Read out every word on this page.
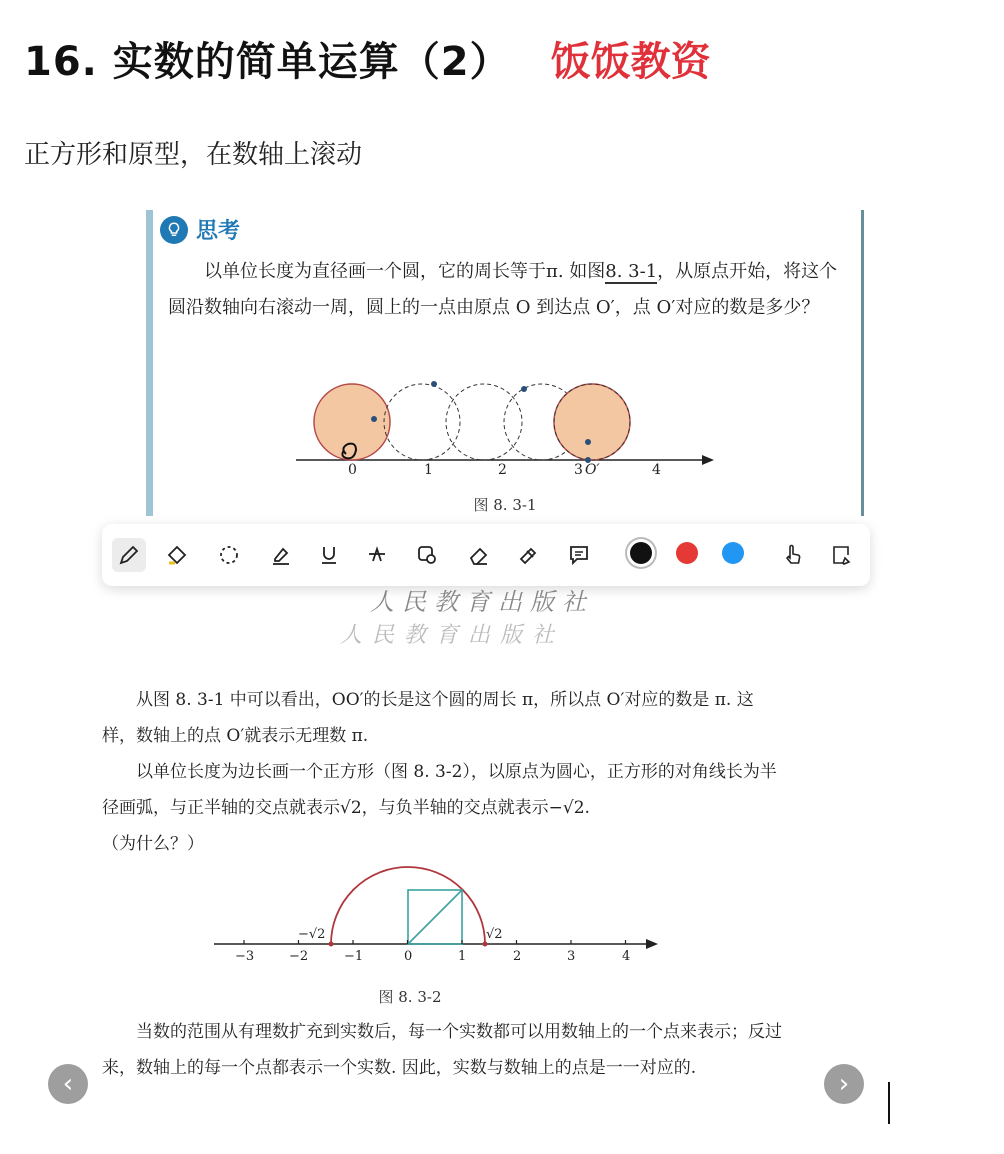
16. 实数的简单运算（2） 饭饭教资
正方形和原型，在数轴上滚动
思考
以单位长度为直径画一个圆，它的周长等于π. 如图8. 3-1，从原点开始，将这个圆沿数轴向右滚动一周，圆上的一点由原点 O 到达点 O′，点 O′对应的数是多少？
0	1	2	3 O′	4
图 8. 3-1
人民教育出版社
人民教育出版社

从图 8. 3-1 中可以看出，OO′的长是这个圆的周长 π，所以点 O′对应的数是 π. 这样，数轴上的点 O′就表示无理数 π.

以单位长度为边长画一个正方形（图 8. 3-2），以原点为圆心，正方形的对角线长为半径画弧，与正半轴的交点就表示√2，与负半轴的交点就表示−√2.

（为什么？）

−3	−2	−1	0	1	2	3	4
−√2	√2
图 8. 3-2

当数的范围从有理数扩充到实数后，每一个实数都可以用数轴上的一个点来表示；反过来，数轴上的每一个点都表示一个实数. 因此，实数与数轴上的点是一一对应的.

‹	›
